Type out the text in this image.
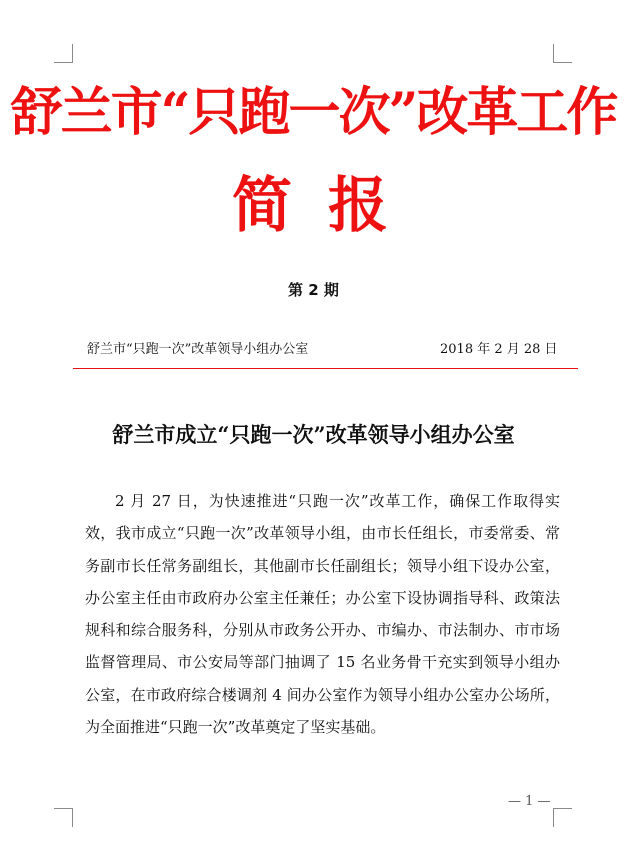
舒兰市“只跑一次”改革工作
简报
第 2 期
舒兰市“只跑一次”改革领导小组办公室	2018 年 2 月 28 日
舒兰市成立“只跑一次”改革领导小组办公室

2 月 27 日，为快速推进“只跑一次”改革工作，确保工作取得实效，我市成立“只跑一次”改革领导小组，由市长任组长，市委常委、常务副市长任常务副组长，其他副市长任副组长；领导小组下设办公室，办公室主任由市政府办公室主任兼任；办公室下设协调指导科、政策法规科和综合服务科，分别从市政务公开办、市编办、市法制办、市市场监督管理局、市公安局等部门抽调了 15 名业务骨干充实到领导小组办公室，在市政府综合楼调剂 4 间办公室作为领导小组办公室办公场所，为全面推进“只跑一次”改革奠定了坚实基础。

— 1 —
